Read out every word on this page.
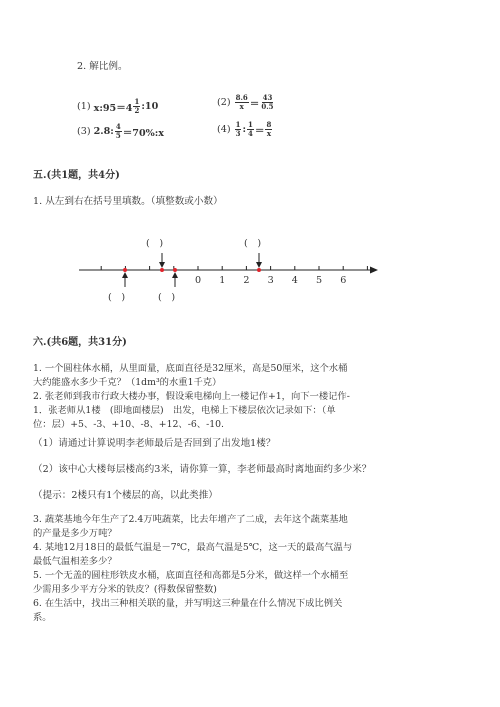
2. 解比例。
(1) x:95＝4 $\frac{1}{2}$ :10	$(2) \frac{8.6}{x} = \frac{43}{0.5}$
(3) 2.8: $\frac{4}{5}$ ＝70%:x	$(4) \frac{1}{3}$ : $\frac{1}{4} = \frac{8}{x}$
五.(共1题，共4分)
1. 从左到右在括号里填数。（填整数或小数）
(　)	(　)
(　)	(　)
0 1 2 3 4 5 6
六.(共6题，共31分)
1. 一个圆柱体水桶，从里面量，底面直径是32厘米，高是50厘米，这个水桶
大约能盛水多少千克？（1dm³的水重1千克）
2. 张老师到我市行政大楼办事，假设乘电梯向上一楼记作+1，向下一楼记作-
1．张老师从1楼　(即地面楼层)　出发，电梯上下楼层依次记录如下：（单
位：层）+5、-3、+10、-8、+12、-6、-10.
（1）请通过计算说明李老师最后是否回到了出发地1楼？
（2）该中心大楼每层楼高约3米，请你算一算，李老师最高时离地面约多少米？
（提示：2楼只有1个楼层的高，以此类推）
3. 蔬菜基地今年生产了2.4万吨蔬菜，比去年增产了二成，去年这个蔬菜基地
的产量是多少万吨？
4. 某地12月18日的最低气温是－7℃，最高气温是5℃，这一天的最高气温与
最低气温相差多少？
5. 一个无盖的圆柱形铁皮水桶，底面直径和高都是5分米，做这样一个水桶至
少需用多少平方分米的铁皮？(得数保留整数)
6. 在生活中，找出三种相关联的量，并写明这三种量在什么情况下成比例关
系。
